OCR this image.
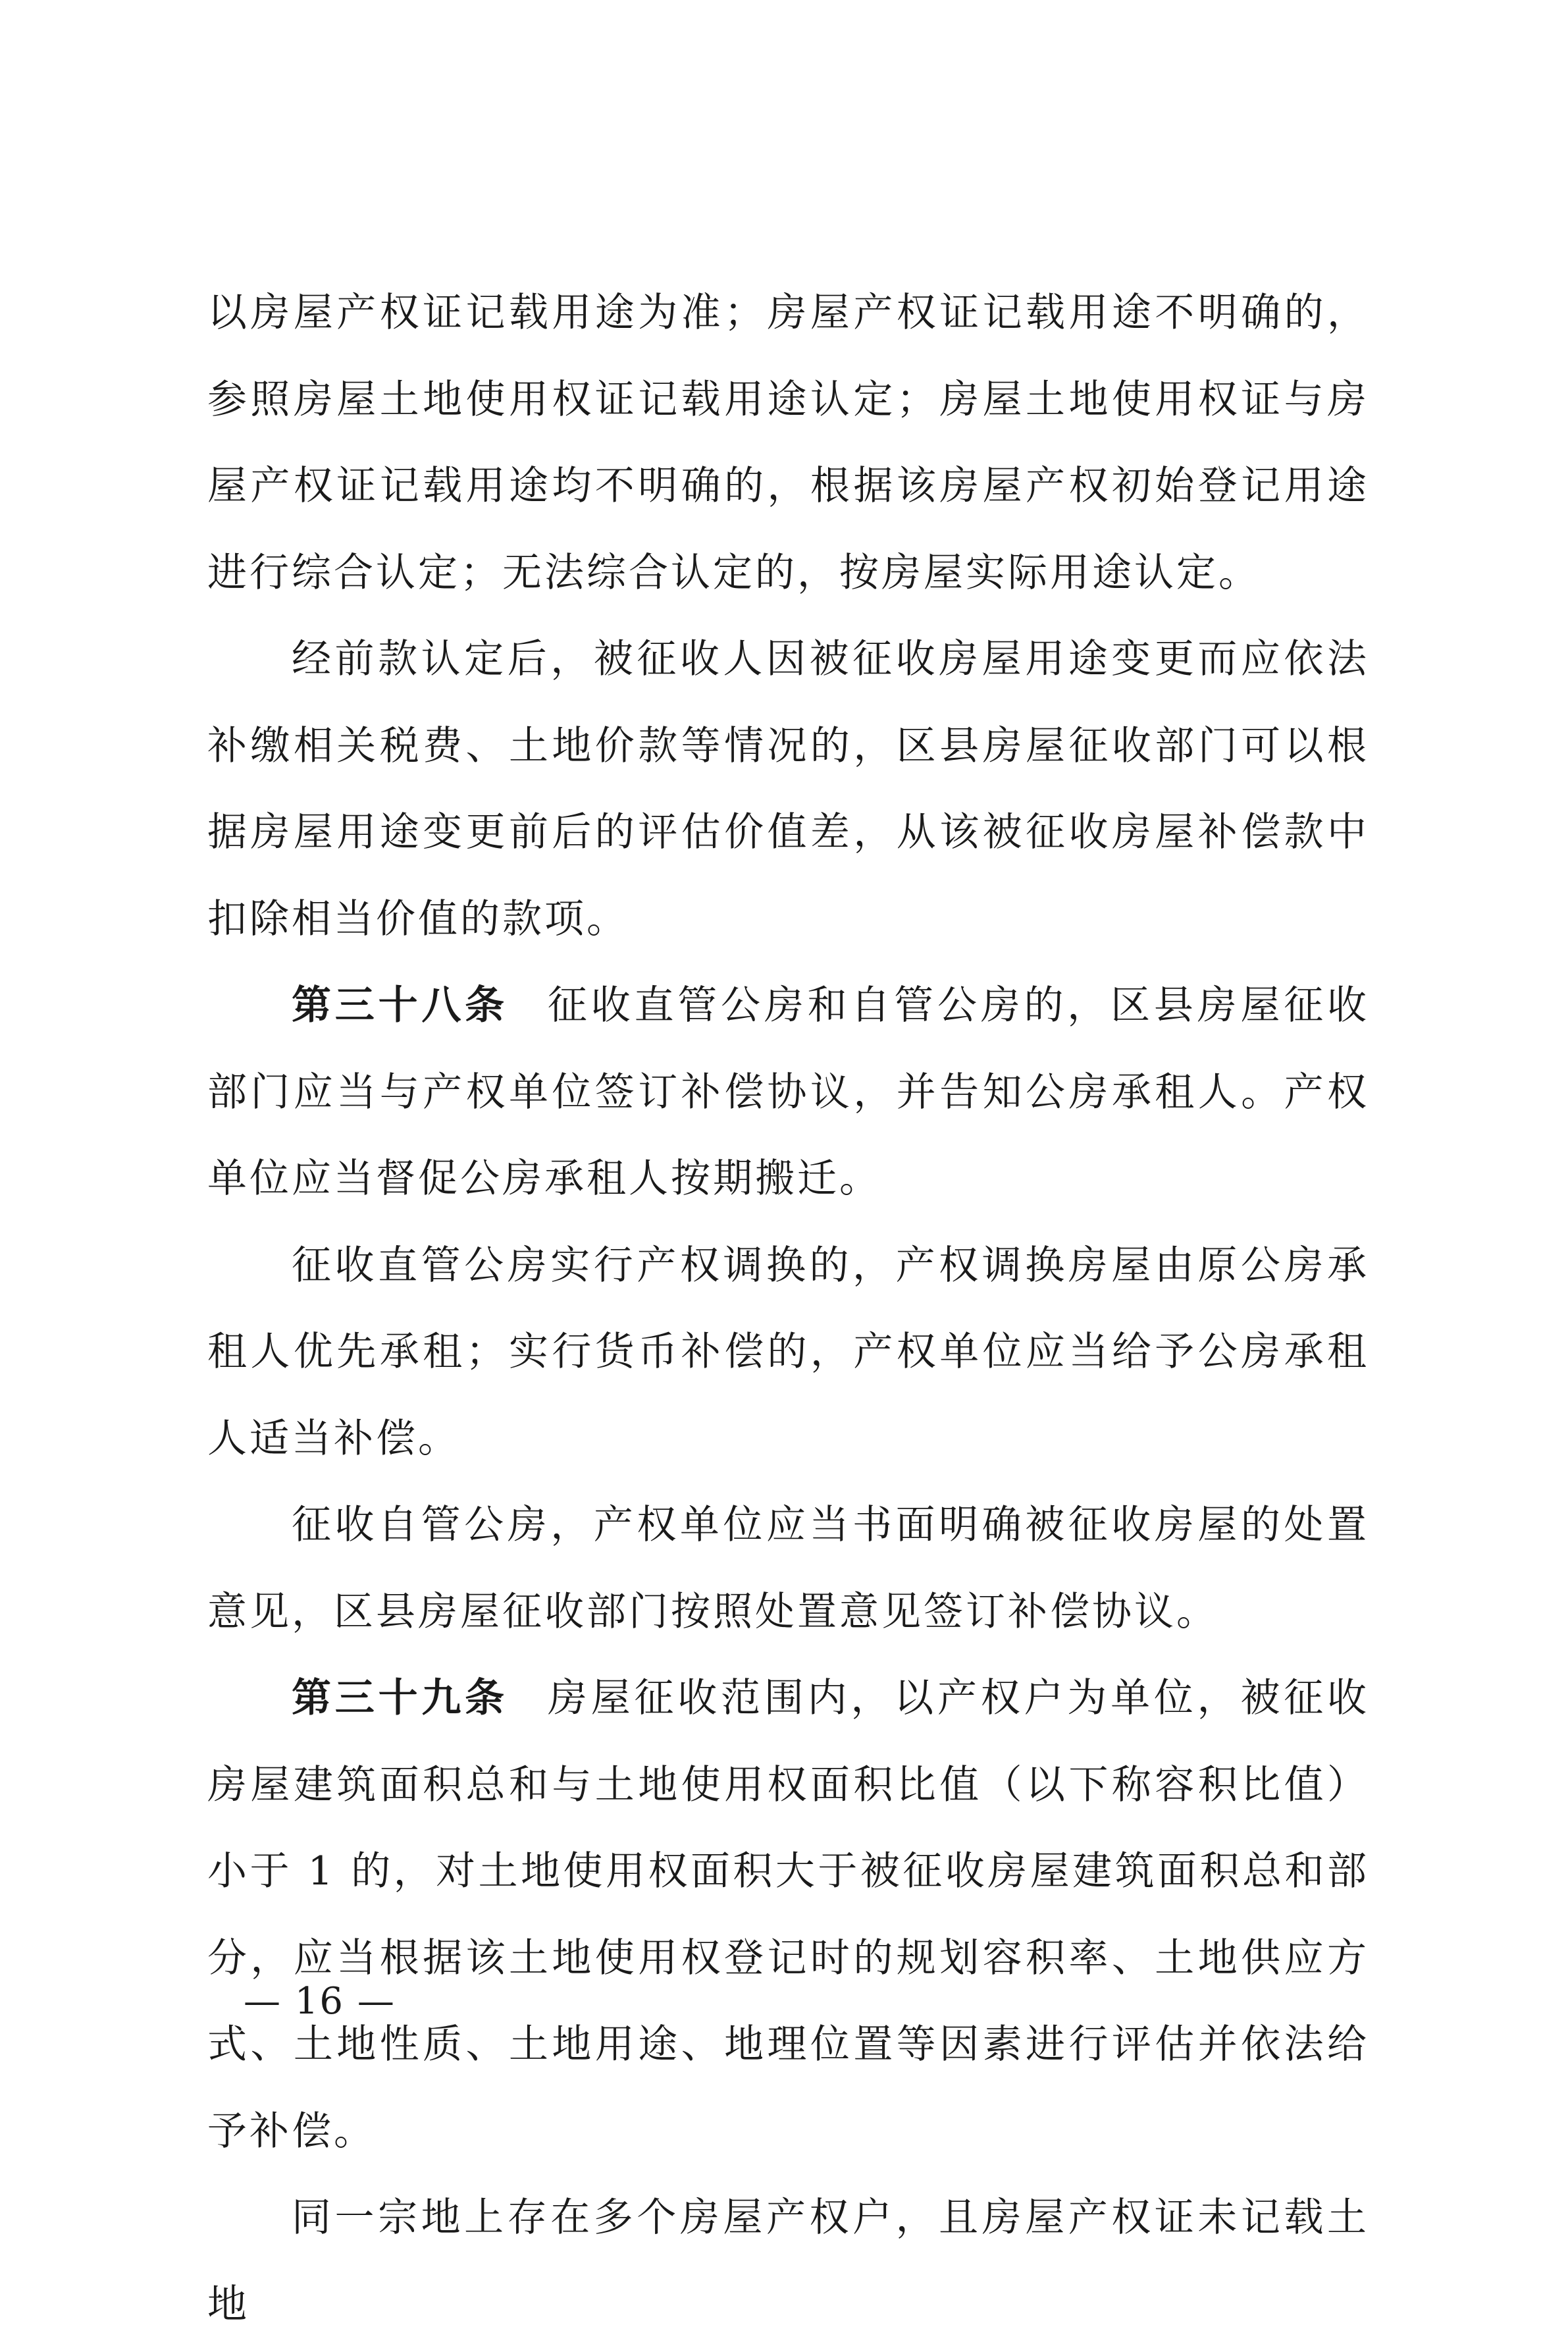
以房屋产权证记载用途为准；房屋产权证记载用途不明确的，参照房屋土地使用权证记载用途认定；房屋土地使用权证与房屋产权证记载用途均不明确的，根据该房屋产权初始登记用途进行综合认定；无法综合认定的，按房屋实际用途认定。

经前款认定后，被征收人因被征收房屋用途变更而应依法补缴相关税费、土地价款等情况的，区县房屋征收部门可以根据房屋用途变更前后的评估价值差，从该被征收房屋补偿款中扣除相当价值的款项。

第三十八条 征收直管公房和自管公房的，区县房屋征收部门应当与产权单位签订补偿协议，并告知公房承租人。产权单位应当督促公房承租人按期搬迁。

征收直管公房实行产权调换的，产权调换房屋由原公房承租人优先承租；实行货币补偿的，产权单位应当给予公房承租人适当补偿。

征收自管公房，产权单位应当书面明确被征收房屋的处置意见，区县房屋征收部门按照处置意见签订补偿协议。

第三十九条 房屋征收范围内，以产权户为单位，被征收房屋建筑面积总和与土地使用权面积比值（以下称容积比值）小于 1 的，对土地使用权面积大于被征收房屋建筑面积总和部分，应当根据该土地使用权登记时的规划容积率、土地供应方式、土地性质、土地用途、地理位置等因素进行评估并依法给予补偿。

同一宗地上存在多个房屋产权户，且房屋产权证未记载土地

— 16 —
